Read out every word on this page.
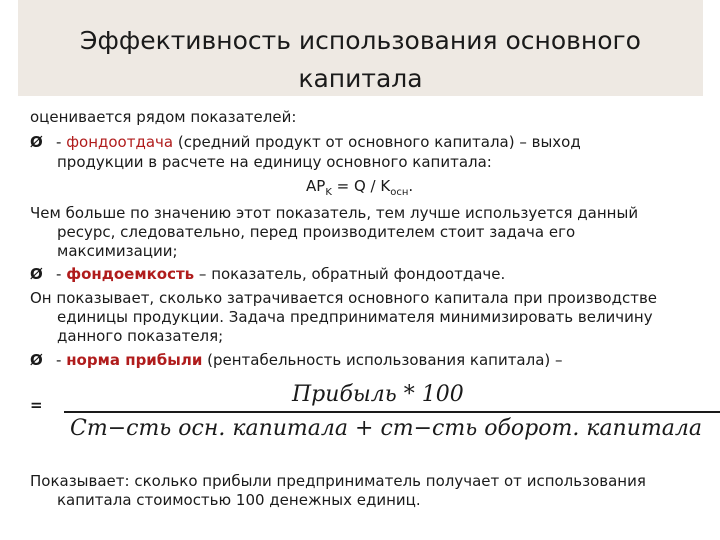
Эффективность использования основного
капитала
оценивается рядом показателей:
Ø - фондоотдача (средний продукт от основного капитала) – выход
продукции в расчете на единицу основного капитала:
$AP_K = Q / K_{осн}$.
Чем больше по значению этот показатель, тем лучше используется данный
ресурс, следовательно, перед производителем стоит задача его
максимизации;
Ø - фондоемкость – показатель, обратный фондоотдаче.
Он показывает, сколько затрачивается основного капитала при производстве
единицы продукции. Задача предпринимателя минимизировать величину
данного показателя;
Ø - норма прибыли (рентабельность использования капитала) –
=	Прибыль * 100
Ст−сть осн. капитала + ст−сть оборот. капитала
Показывает: сколько прибыли предприниматель получает от использования
капитала стоимостью 100 денежных единиц.
